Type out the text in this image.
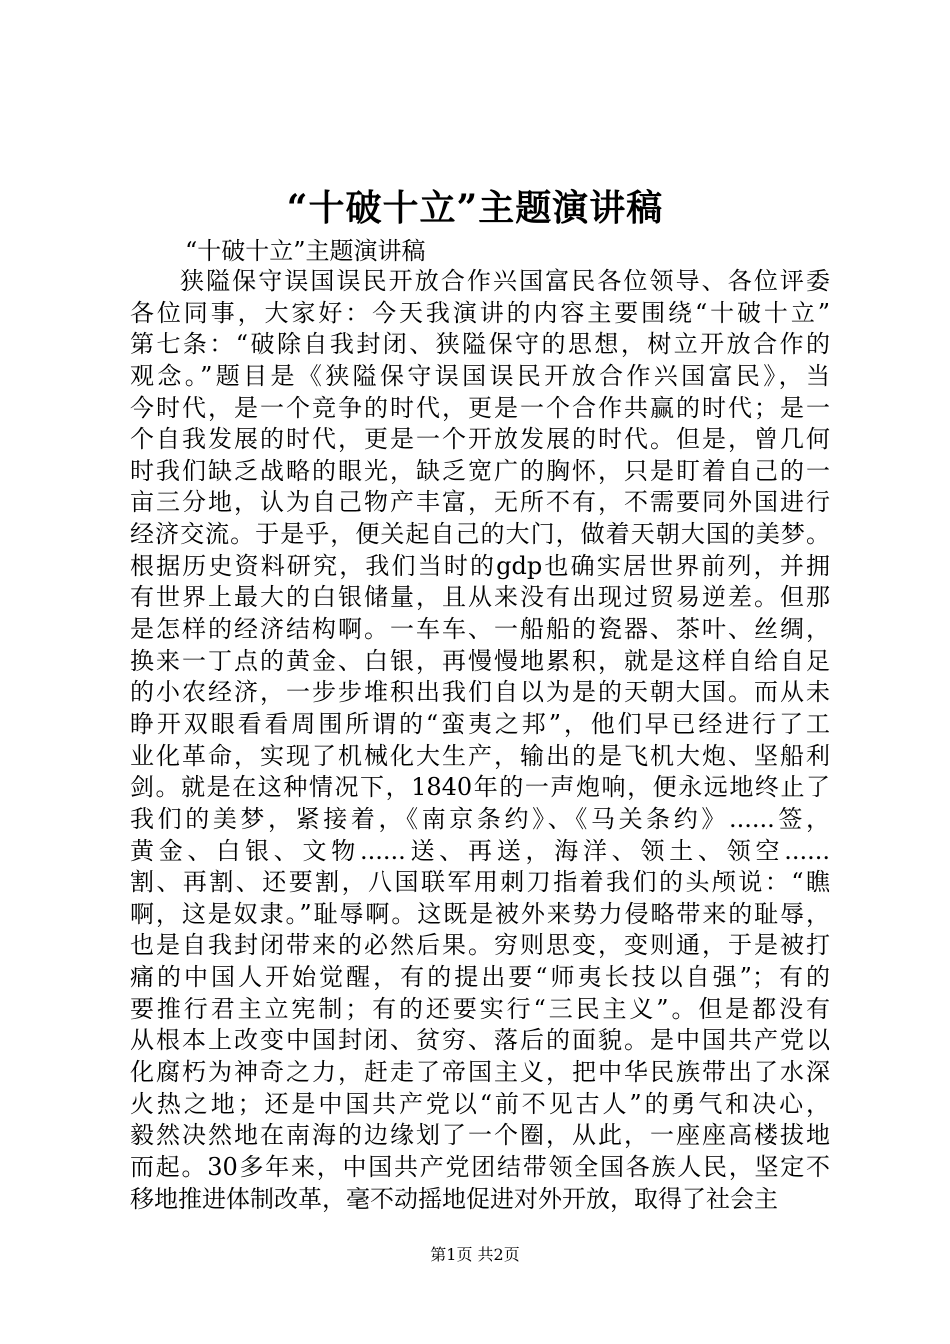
“十破十立”主题演讲稿

“十破十立”主题演讲稿

狭隘保守误国误民开放合作兴国富民各位领导、各位评委
各位同事，大家好：今天我演讲的内容主要围绕“十破十立”
第七条：“破除自我封闭、狭隘保守的思想，树立开放合作的
观念。”题目是《狭隘保守误国误民开放合作兴国富民》，当
今时代，是一个竞争的时代，更是一个合作共赢的时代；是一
个自我发展的时代，更是一个开放发展的时代。但是，曾几何
时我们缺乏战略的眼光，缺乏宽广的胸怀，只是盯着自己的一
亩三分地，认为自己物产丰富，无所不有，不需要同外国进行
经济交流。于是乎，便关起自己的大门，做着天朝大国的美梦。
根据历史资料研究，我们当时的gdp也确实居世界前列，并拥
有世界上最大的白银储量，且从来没有出现过贸易逆差。但那
是怎样的经济结构啊。一车车、一船船的瓷器、茶叶、丝绸，
换来一丁点的黄金、白银，再慢慢地累积，就是这样自给自足
的小农经济，一步步堆积出我们自以为是的天朝大国。而从未
睁开双眼看看周围所谓的“蛮夷之邦”，他们早已经进行了工
业化革命，实现了机械化大生产，输出的是飞机大炮、坚船利
剑。就是在这种情况下，1840年的一声炮响，便永远地终止了
我们的美梦，紧接着，《南京条约》、《马关条约》......签，
黄金、白银、文物......送、再送，海洋、领土、领空......
割、再割、还要割，八国联军用刺刀指着我们的头颅说：“瞧
啊，这是奴隶。”耻辱啊。这既是被外来势力侵略带来的耻辱，
也是自我封闭带来的必然后果。穷则思变，变则通，于是被打
痛的中国人开始觉醒，有的提出要“师夷长技以自强”；有的
要推行君主立宪制；有的还要实行“三民主义”。但是都没有
从根本上改变中国封闭、贫穷、落后的面貌。是中国共产党以
化腐朽为神奇之力，赶走了帝国主义，把中华民族带出了水深
火热之地；还是中国共产党以“前不见古人”的勇气和决心，
毅然决然地在南海的边缘划了一个圈，从此，一座座高楼拔地
而起。30多年来，中国共产党团结带领全国各族人民，坚定不
移地推进体制改革，毫不动摇地促进对外开放，取得了社会主
第1页 共2页
